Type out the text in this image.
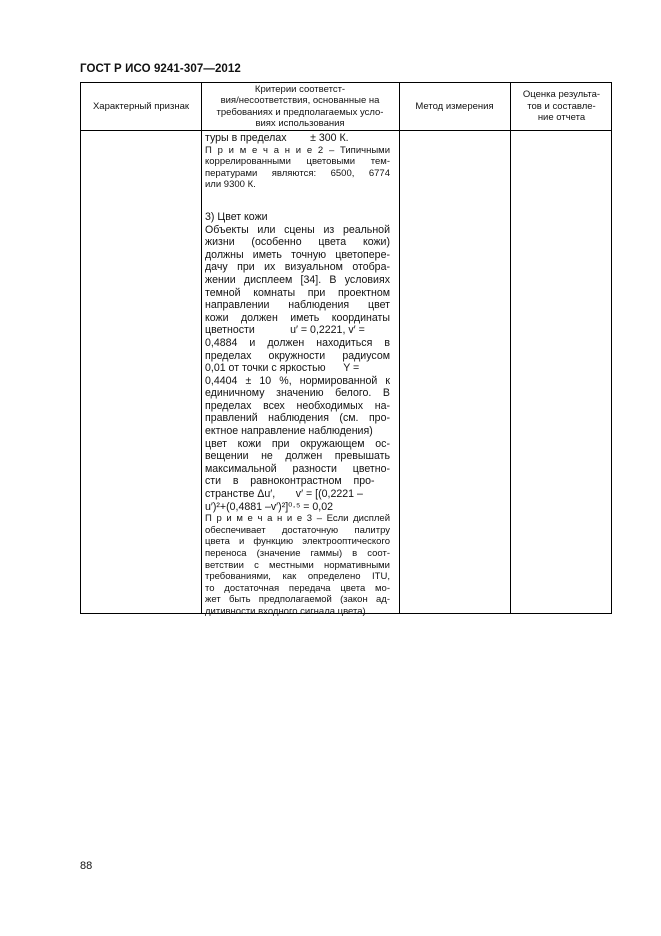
ГОСТ Р ИСО 9241-307—2012
Характерный признак
Критерии соответст-
вия/несоответствия, основанные на
требованиях и предполагаемых усло-
виях использования
Метод измерения
Оценка результа-
тов и составле-
ние отчета
туры в пределах        ± 300 К.
П р и м е ч а н и е 2 – Типичными
коррелированными цветовыми тем-
пературами являются: 6500, 6774
или 9300 К.
3) Цвет кожи
Объекты или сцены из реальной
жизни (особенно цвета кожи)
должны иметь точную цветопере-
дачу при их визуальном отобра-
жении дисплеем [34]. В условиях
темной комнаты при проектном
направлении наблюдения цвет
кожи должен иметь координаты
цветности            u′ = 0,2221, v′ =
0,4884 и должен находиться в
пределах окружности радиусом
0,01 от точки с яркостью      Y =
0,4404 ± 10 %, нормированной к
единичному значению белого. В
пределах всех необходимых на-
правлений наблюдения (см. про-
ектное направление наблюдения)
цвет кожи при окружающем ос-
вещении не должен превышать
максимальной разности цветно-
сти    в    равноконтрастном    про-
странстве Δu′,       v′ = [(0,2221 –
u′)²+(0,4881 –v′)²]⁰·⁵ = 0,02
П р и м е ч а н и е 3 – Если дисплей
обеспечивает достаточную палитру
цвета и функцию электрооптического
переноса (значение гаммы) в соот-
ветствии с местными нормативными
требованиями, как определено ITU,
то достаточная передача цвета мо-
жет быть предполагаемой (закон ад-
дитивности входного сигнала цвета)
88
